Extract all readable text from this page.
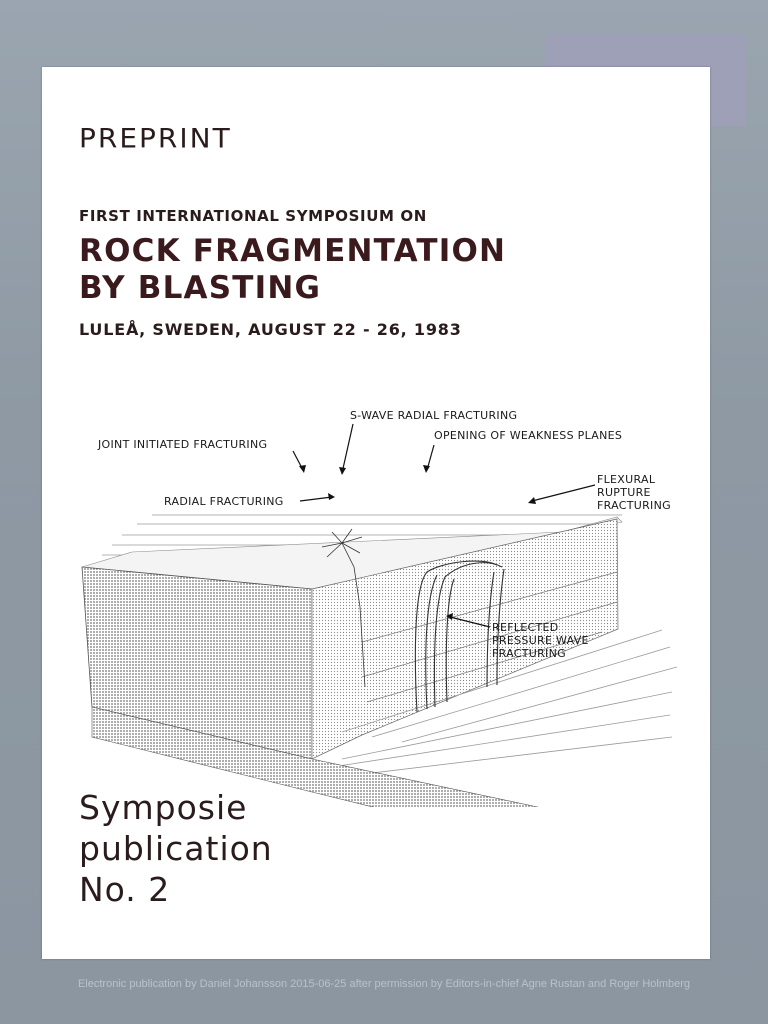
PREPRINT
FIRST INTERNATIONAL SYMPOSIUM ON
ROCK FRAGMENTATION
BY BLASTING
LULEÅ, SWEDEN, AUGUST 22 - 26, 1983
S-WAVE RADIAL FRACTURING
JOINT INITIATED FRACTURING
OPENING OF WEAKNESS PLANES
RADIAL FRACTURING
FLEXURAL
RUPTURE
FRACTURING
REFLECTED
PRESSURE WAVE
FRACTURING
Symposie
publication
No. 2
Electronic publication by Daniel Johansson 2015-06-25 after permission by Editors-in-chief Agne Rustan and Roger Holmberg
